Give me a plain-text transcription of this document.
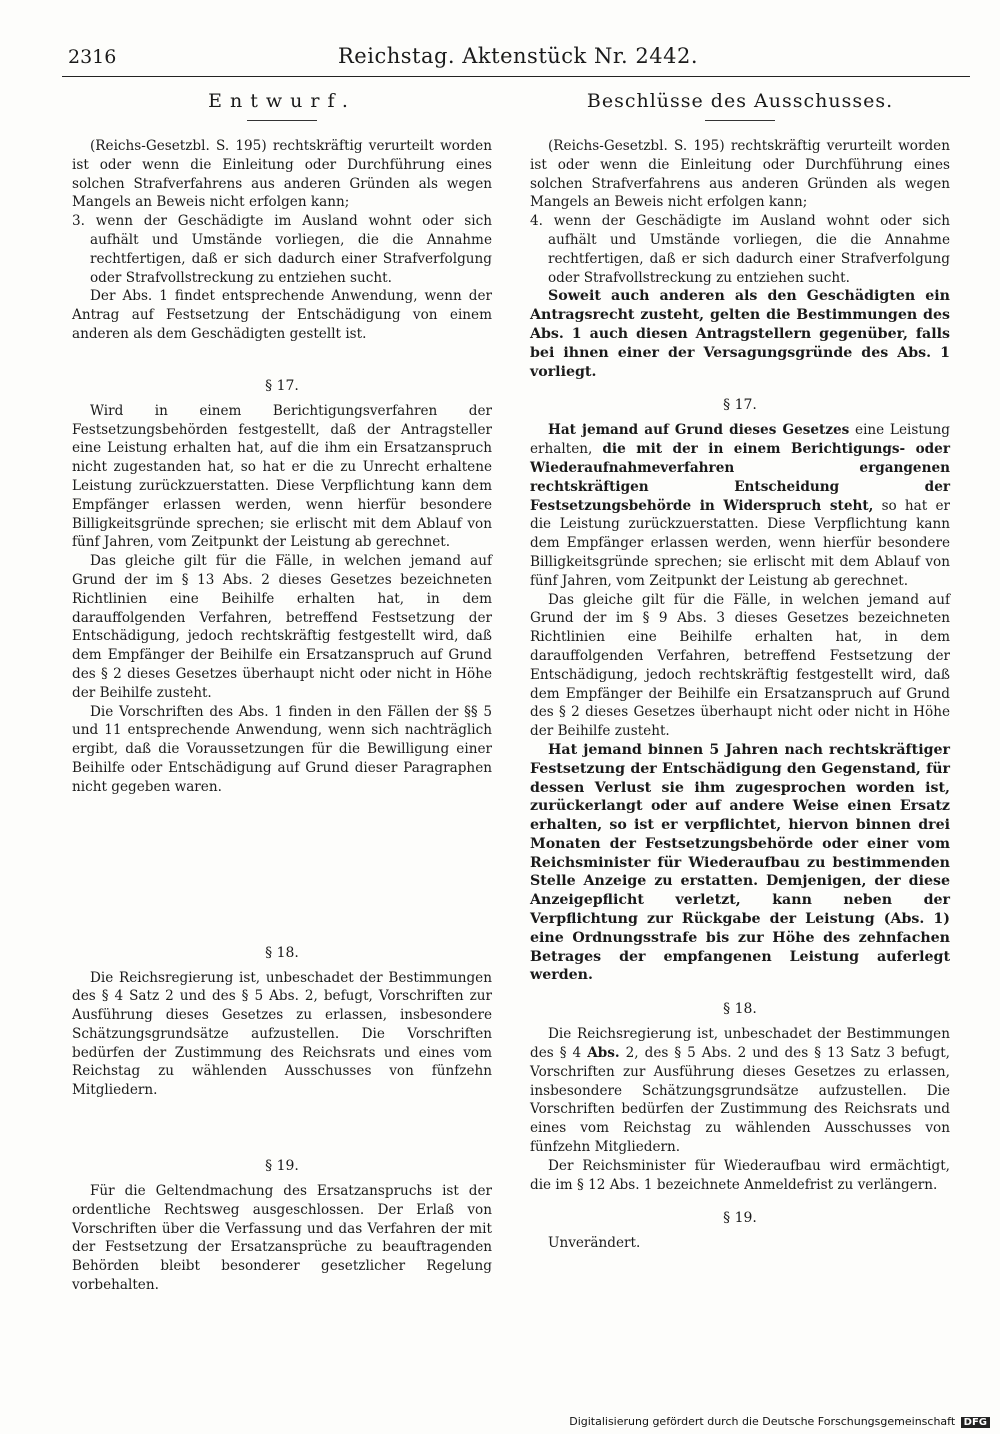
2316	Reichstag. Aktenstück Nr. 2442.
Entwurf.

(Reichs-Gesetzbl. S. 195) rechtskräftig verurteilt worden ist oder wenn die Einleitung oder Durchführung eines solchen Strafverfahrens aus anderen Gründen als wegen Mangels an Beweis nicht erfolgen kann;

3. wenn der Geschädigte im Ausland wohnt oder sich aufhält und Umstände vorliegen, die die Annahme rechtfertigen, daß er sich dadurch einer Strafverfolgung oder Strafvollstreckung zu entziehen sucht.

Der Abs. 1 findet entsprechende Anwendung, wenn der Antrag auf Festsetzung der Entschädigung von einem anderen als dem Geschädigten gestellt ist.

§ 17.

Wird in einem Berichtigungsverfahren der Festsetzungsbehörden festgestellt, daß der Antragsteller eine Leistung erhalten hat, auf die ihm ein Ersatzanspruch nicht zugestanden hat, so hat er die zu Unrecht erhaltene Leistung zurückzuerstatten. Diese Verpflichtung kann dem Empfänger erlassen werden, wenn hierfür besondere Billigkeitsgründe sprechen; sie erlischt mit dem Ablauf von fünf Jahren, vom Zeitpunkt der Leistung ab gerechnet.

Das gleiche gilt für die Fälle, in welchen jemand auf Grund der im § 13 Abs. 2 dieses Gesetzes bezeichneten Richtlinien eine Beihilfe erhalten hat, in dem darauffolgenden Verfahren, betreffend Festsetzung der Entschädigung, jedoch rechtskräftig festgestellt wird, daß dem Empfänger der Beihilfe ein Ersatzanspruch auf Grund des § 2 dieses Gesetzes überhaupt nicht oder nicht in Höhe der Beihilfe zusteht.

Die Vorschriften des Abs. 1 finden in den Fällen der §§ 5 und 11 entsprechende Anwendung, wenn sich nachträglich ergibt, daß die Voraussetzungen für die Bewilligung einer Beihilfe oder Entschädigung auf Grund dieser Paragraphen nicht gegeben waren.

§ 18.

Die Reichsregierung ist, unbeschadet der Bestimmungen des § 4 Satz 2 und des § 5 Abs. 2, befugt, Vorschriften zur Ausführung dieses Gesetzes zu erlassen, insbesondere Schätzungsgrundsätze aufzustellen. Die Vorschriften bedürfen der Zustimmung des Reichsrats und eines vom Reichstag zu wählenden Ausschusses von fünfzehn Mitgliedern.

§ 19.

Für die Geltendmachung des Ersatzanspruchs ist der ordentliche Rechtsweg ausgeschlossen. Der Erlaß von Vorschriften über die Verfassung und das Verfahren der mit der Festsetzung der Ersatzansprüche zu beauftragenden Behörden bleibt besonderer gesetzlicher Regelung vorbehalten.

Beschlüsse des Ausschusses.

(Reichs-Gesetzbl. S. 195) rechtskräftig verurteilt worden ist oder wenn die Einleitung oder Durchführung eines solchen Strafverfahrens aus anderen Gründen als wegen Mangels an Beweis nicht erfolgen kann;

4. wenn der Geschädigte im Ausland wohnt oder sich aufhält und Umstände vorliegen, die die Annahme rechtfertigen, daß er sich dadurch einer Strafverfolgung oder Strafvollstreckung zu entziehen sucht.

Soweit auch anderen als den Geschädigten ein Antragsrecht zusteht, gelten die Bestimmungen des Abs. 1 auch diesen Antragstellern gegenüber, falls bei ihnen einer der Versagungsgründe des Abs. 1 vorliegt.

§ 17.

Hat jemand auf Grund dieses Gesetzes eine Leistung erhalten, die mit der in einem Berichtigungs- oder Wiederaufnahmeverfahren ergangenen rechtskräftigen Entscheidung der Festsetzungsbehörde in Widerspruch steht, so hat er die Leistung zurückzuerstatten. Diese Verpflichtung kann dem Empfänger erlassen werden, wenn hierfür besondere Billigkeitsgründe sprechen; sie erlischt mit dem Ablauf von fünf Jahren, vom Zeitpunkt der Leistung ab gerechnet.

Das gleiche gilt für die Fälle, in welchen jemand auf Grund der im § 9 Abs. 3 dieses Gesetzes bezeichneten Richtlinien eine Beihilfe erhalten hat, in dem darauffolgenden Verfahren, betreffend Festsetzung der Entschädigung, jedoch rechtskräftig festgestellt wird, daß dem Empfänger der Beihilfe ein Ersatzanspruch auf Grund des § 2 dieses Gesetzes überhaupt nicht oder nicht in Höhe der Beihilfe zusteht.

Hat jemand binnen 5 Jahren nach rechtskräftiger Festsetzung der Entschädigung den Gegenstand, für dessen Verlust sie ihm zugesprochen worden ist, zurückerlangt oder auf andere Weise einen Ersatz erhalten, so ist er verpflichtet, hiervon binnen drei Monaten der Festsetzungsbehörde oder einer vom Reichsminister für Wiederaufbau zu bestimmenden Stelle Anzeige zu erstatten. Demjenigen, der diese Anzeigepflicht verletzt, kann neben der Verpflichtung zur Rückgabe der Leistung (Abs. 1) eine Ordnungsstrafe bis zur Höhe des zehnfachen Betrages der empfangenen Leistung auferlegt werden.

§ 18.

Die Reichsregierung ist, unbeschadet der Bestimmungen des § 4 Abs. 2, des § 5 Abs. 2 und des § 13 Satz 3 befugt, Vorschriften zur Ausführung dieses Gesetzes zu erlassen, insbesondere Schätzungsgrundsätze aufzustellen. Die Vorschriften bedürfen der Zustimmung des Reichsrats und eines vom Reichstag zu wählenden Ausschusses von fünfzehn Mitgliedern.

Der Reichsminister für Wiederaufbau wird ermächtigt, die im § 12 Abs. 1 bezeichnete Anmeldefrist zu verlängern.

§ 19.

Unverändert.

Digitalisierung gefördert durch die Deutsche Forschungsgemeinschaft DFG
